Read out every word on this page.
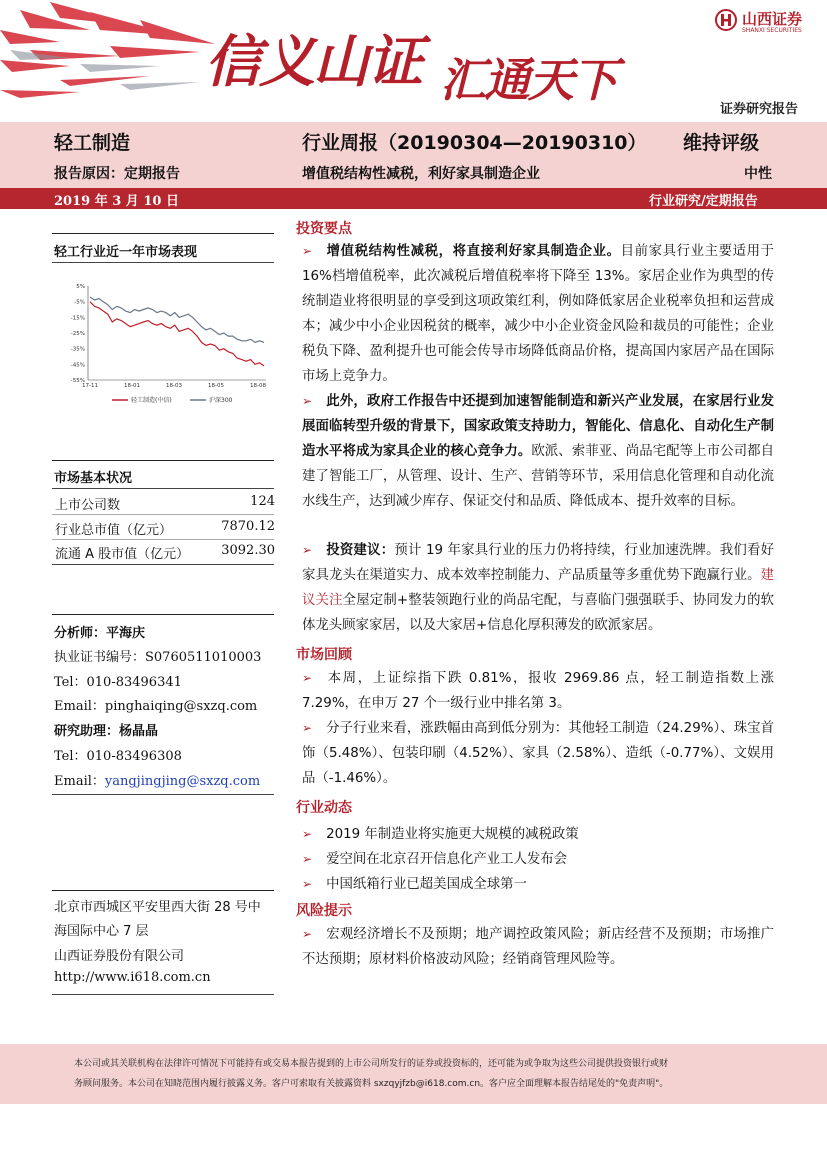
信义山证 汇通天下
山西证券
SHANXI SECURITIES
证券研究报告
轻工制造	行业周报（20190304—20190310） 维持评级
报告原因：定期报告	增值税结构性减税，利好家具制造企业	中性
2019 年 3 月 10 日	行业研究/定期报告
轻工行业近一年市场表现
5%
-5%
-15%
-25%
-35%
-45%
-55%
17-11	18-01	18-03	18-05	18-08
轻工制造(中信)	沪深300
市场基本状况
上市公司数	124
行业总市值（亿元）	7870.12
流通 A 股市值（亿元） 3092.30
分析师：平海庆
执业证书编号：S0760511010003
Tel：010-83496341
Email：pinghaiqing@sxzq.com
研究助理：杨晶晶
Tel：010-83496308
Email：yangjingjing@sxzq.com
北京市西城区平安里西大街 28 号中
海国际中心 7 层
山西证券股份有限公司
http://www.i618.com.cn
投资要点
➢ 增值税结构性减税，将直接利好家具制造企业。目前家具行业主要适用于 16%档增值税率，此次减税后增值税率将下降至 13%。家居企业作为典型的传统制造业将很明显的享受到这项政策红利，例如降低家居企业税率负担和运营成本；减少中小企业因税贫的概率，减少中小企业资金风险和裁员的可能性；企业税负下降、盈利提升也可能会传导市场降低商品价格，提高国内家居产品在国际市场上竞争力。
➢ 此外，政府工作报告中还提到加速智能制造和新兴产业发展，在家居行业发展面临转型升级的背景下，国家政策支持助力，智能化、信息化、自动化生产制造水平将成为家具企业的核心竞争力。欧派、索菲亚、尚品宅配等上市公司都自建了智能工厂，从管理、设计、生产、营销等环节，采用信息化管理和自动化流水线生产，达到减少库存、保证交付和品质、降低成本、提升效率的目标。
➢ 投资建议：预计 19 年家具行业的压力仍将持续，行业加速洗牌。我们看好家具龙头在渠道实力、成本效率控制能力、产品质量等多重优势下跑赢行业。建议关注全屋定制+整装领跑行业的尚品宅配，与喜临门强强联手、协同发力的软体龙头顾家家居，以及大家居+信息化厚积薄发的欧派家居。
市场回顾
➢ 本周，上证综指下跌 0.81%，报收 2969.86 点，轻工制造指数上涨 7.29%，在申万 27 个一级行业中排名第 3。
➢ 分子行业来看，涨跌幅由高到低分别为：其他轻工制造（24.29%）、珠宝首饰（5.48%）、包装印刷（4.52%）、家具（2.58%）、造纸（-0.77%）、文娱用品（-1.46%）。
行业动态
➢ 2019 年制造业将实施更大规模的减税政策
➢ 爱空间在北京召开信息化产业工人发布会
➢ 中国纸箱行业已超美国成全球第一
风险提示
➢ 宏观经济增长不及预期；地产调控政策风险；新店经营不及预期；市场推广不达预期；原材料价格波动风险；经销商管理风险等。
本公司或其关联机构在法律许可情况下可能持有或交易本报告提到的上市公司所发行的证券或投资标的，还可能为或争取为这些公司提供投资银行或财
务顾问服务。本公司在知晓范围内履行披露义务。客户可索取有关披露资料 sxzqyjfzb@i618.com.cn。客户应全面理解本报告结尾处的"免责声明"。
